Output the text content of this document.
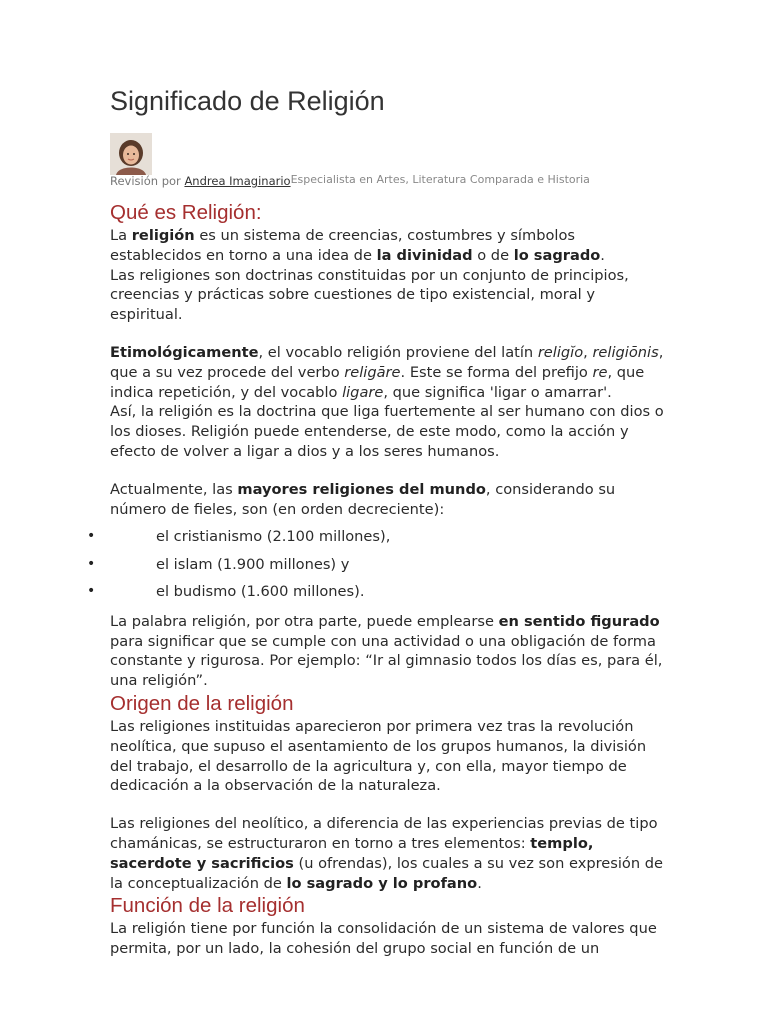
Significado de Religión
Revisión por Andrea ImaginarioEspecialista en Artes, Literatura Comparada e Historia
Qué es Religión:

La religión es un sistema de creencias, costumbres y símbolos establecidos en torno a una idea de la divinidad o de lo sagrado.

Las religiones son doctrinas constituidas por un conjunto de principios, creencias y prácticas sobre cuestiones de tipo existencial, moral y espiritual.

Etimológicamente, el vocablo religión proviene del latín religĭo, religiōnis, que a su vez procede del verbo religāre. Este se forma del prefijo re, que indica repetición, y del vocablo ligare, que significa 'ligar o amarrar'.

Así, la religión es la doctrina que liga fuertemente al ser humano con dios o los dioses. Religión puede entenderse, de este modo, como la acción y efecto de volver a ligar a dios y a los seres humanos.

Actualmente, las mayores religiones del mundo, considerando su número de fieles, son (en orden decreciente):

•	el cristianismo (2.100 millones),
•	el islam (1.900 millones) y
•	el budismo (1.600 millones).

La palabra religión, por otra parte, puede emplearse en sentido figurado para significar que se cumple con una actividad o una obligación de forma constante y rigurosa. Por ejemplo: “Ir al gimnasio todos los días es, para él, una religión”.

Origen de la religión

Las religiones instituidas aparecieron por primera vez tras la revolución neolítica, que supuso el asentamiento de los grupos humanos, la división del trabajo, el desarrollo de la agricultura y, con ella, mayor tiempo de dedicación a la observación de la naturaleza.

Las religiones del neolítico, a diferencia de las experiencias previas de tipo chamánicas, se estructuraron en torno a tres elementos: templo, sacerdote y sacrificios (u ofrendas), los cuales a su vez son expresión de la conceptualización de lo sagrado y lo profano.

Función de la religión

La religión tiene por función la consolidación de un sistema de valores que permita, por un lado, la cohesión del grupo social en función de un
